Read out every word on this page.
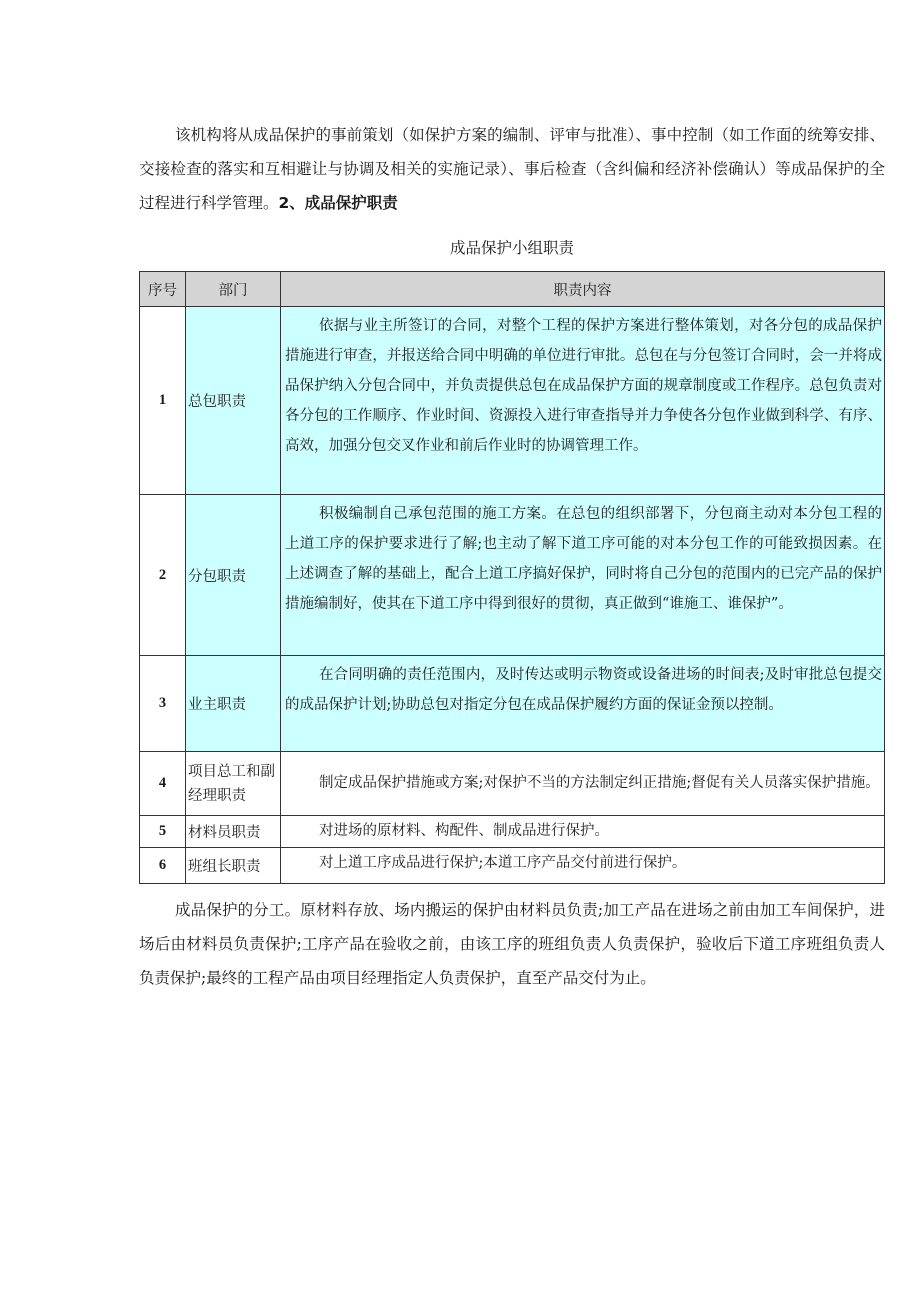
该机构将从成品保护的事前策划（如保护方案的编制、评审与批准）、事中控制（如工作面的统筹安排、交接检查的落实和互相避让与协调及相关的实施记录）、事后检查（含纠偏和经济补偿确认）等成品保护的全过程进行科学管理。2、成品保护职责

成品保护小组职责
序号	部门	职责内容
1	总包职责	依据与业主所签订的合同，对整个工程的保护方案进行整体策划，对各分包的成品保护措施进行审查，并报送给合同中明确的单位进行审批。总包在与分包签订合同时，会一并将成品保护纳入分包合同中，并负责提供总包在成品保护方面的规章制度或工作程序。总包负责对各分包的工作顺序、作业时间、资源投入进行审查指导并力争使各分包作业做到科学、有序、高效，加强分包交叉作业和前后作业时的协调管理工作。
2	分包职责	积极编制自己承包范围的施工方案。在总包的组织部署下，分包商主动对本分包工程的上道工序的保护要求进行了解;也主动了解下道工序可能的对本分包工作的可能致损因素。在上述调查了解的基础上，配合上道工序搞好保护，同时将自己分包的范围内的已完产品的保护措施编制好，使其在下道工序中得到很好的贯彻，真正做到“谁施工、谁保护”。
3	业主职责	在合同明确的责任范围内，及时传达或明示物资或设备进场的时间表;及时审批总包提交的成品保护计划;协助总包对指定分包在成品保护履约方面的保证金预以控制。
4	项目总工和副经理职责	制定成品保护措施或方案;对保护不当的方法制定纠正措施;督促有关人员落实保护措施。
5	材料员职责	对进场的原材料、构配件、制成品进行保护。
6	班组长职责	对上道工序成品进行保护;本道工序产品交付前进行保护。

成品保护的分工。原材料存放、场内搬运的保护由材料员负责;加工产品在进场之前由加工车间保护，进场后由材料员负责保护;工序产品在验收之前，由该工序的班组负责人负责保护，验收后下道工序班组负责人负责保护;最终的工程产品由项目经理指定人负责保护，直至产品交付为止。
